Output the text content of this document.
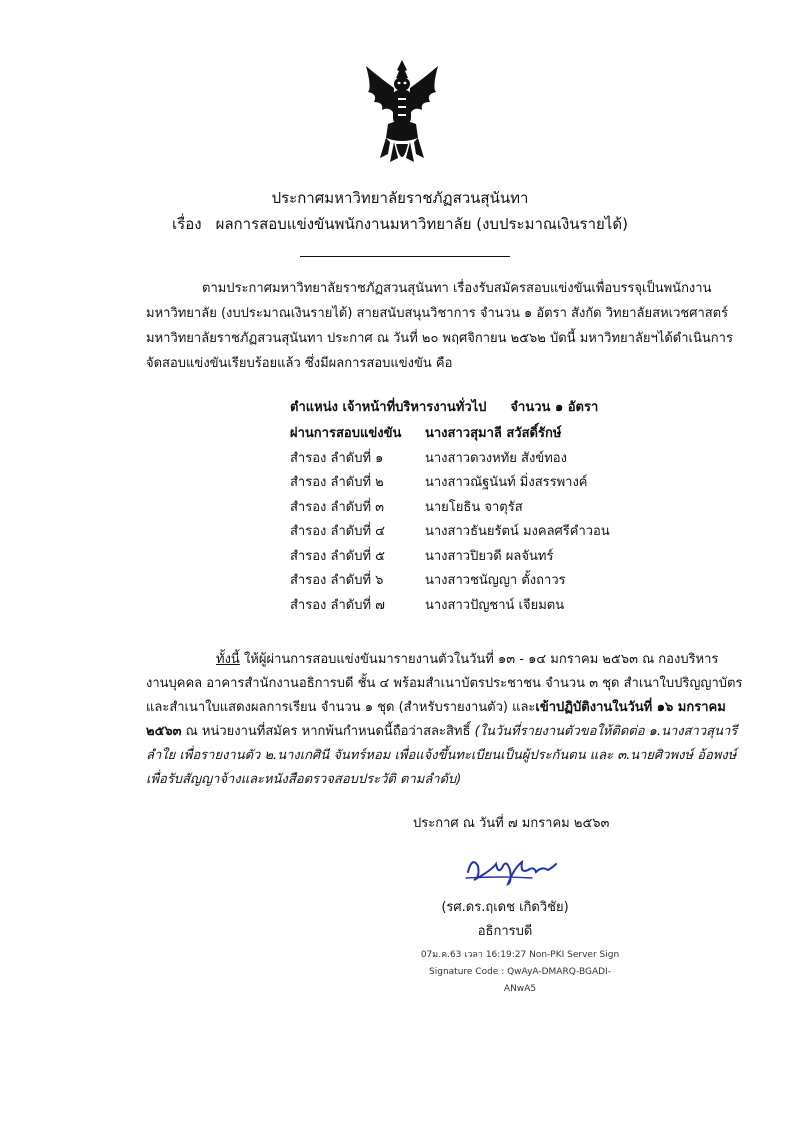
ประกาศมหาวิทยาลัยราชภัฏสวนสุนันทา
เรื่อง ผลการสอบแข่งขันพนักงานมหาวิทยาลัย (งบประมาณเงินรายได้)
ตามประกาศมหาวิทยาลัยราชภัฏสวนสุนันทา เรื่องรับสมัครสอบแข่งขันเพื่อบรรจุเป็นพนักงาน
มหาวิทยาลัย (งบประมาณเงินรายได้) สายสนับสนุนวิชาการ จำนวน ๑ อัตรา สังกัด วิทยาลัยสหเวชศาสตร์
มหาวิทยาลัยราชภัฏสวนสุนันทา ประกาศ ณ วันที่ ๒๐ พฤศจิกายน ๒๕๖๒ บัดนี้ มหาวิทยาลัยฯได้ดำเนินการ
จัดสอบแข่งขันเรียบร้อยแล้ว ซึ่งมีผลการสอบแข่งขัน คือ
ตำแหน่ง เจ้าหน้าที่บริหารงานทั่วไป จำนวน ๑ อัตรา
ผ่านการสอบแข่งขัน	นางสาวสุมาลี สวัสดิ์รักษ์
สำรอง ลำดับที่ ๑	นางสาวดวงหทัย สังข์ทอง
สำรอง ลำดับที่ ๒	นางสาวณัฐนันท์ มิ่งสรรพางค์
สำรอง ลำดับที่ ๓	นายโยธิน จาตุรัส
สำรอง ลำดับที่ ๔	นางสาวธันยรัตน์ มงคลศรีคำวอน
สำรอง ลำดับที่ ๕	นางสาวปิยวดี ผลจันทร์
สำรอง ลำดับที่ ๖	นางสาวชนัญญา ตั้งถาวร
สำรอง ลำดับที่ ๗	นางสาวปัญชาน์ เจียมตน
ทั้งนี้ ให้ผู้ผ่านการสอบแข่งขันมารายงานตัวในวันที่ ๑๓ - ๑๔ มกราคม ๒๕๖๓ ณ กองบริหาร
งานบุคคล อาคารสำนักงานอธิการบดี ชั้น ๔ พร้อมสำเนาบัตรประชาชน จำนวน ๓ ชุด สำเนาใบปริญญาบัตร
และสำเนาใบแสดงผลการเรียน จำนวน ๑ ชุด (สำหรับรายงานตัว) และเข้าปฏิบัติงานในวันที่ ๑๖ มกราคม
๒๕๖๓ ณ หน่วยงานที่สมัคร หากพ้นกำหนดนี้ถือว่าสละสิทธิ์ (ในวันที่รายงานตัวขอให้ติดต่อ ๑.นางสาวสุนารี
ลำใย เพื่อรายงานตัว ๒.นางเกศินี จันทร์หอม เพื่อแจ้งขึ้นทะเบียนเป็นผู้ประกันตน และ ๓.นายศิวพงษ์ อ้อพงษ์
เพื่อรับสัญญาจ้างและหนังสือตรวจสอบประวัติ ตามลำดับ)
ประกาศ ณ วันที่ ๗ มกราคม ๒๕๖๓
(รศ.ดร.ฤเดช เกิดวิชัย)
อธิการบดี
07ม.ค.63 เวลา 16:19:27 Non-PKI Server Sign
Signature Code : QwAyA-DMARQ-BGADI-ANwA5
